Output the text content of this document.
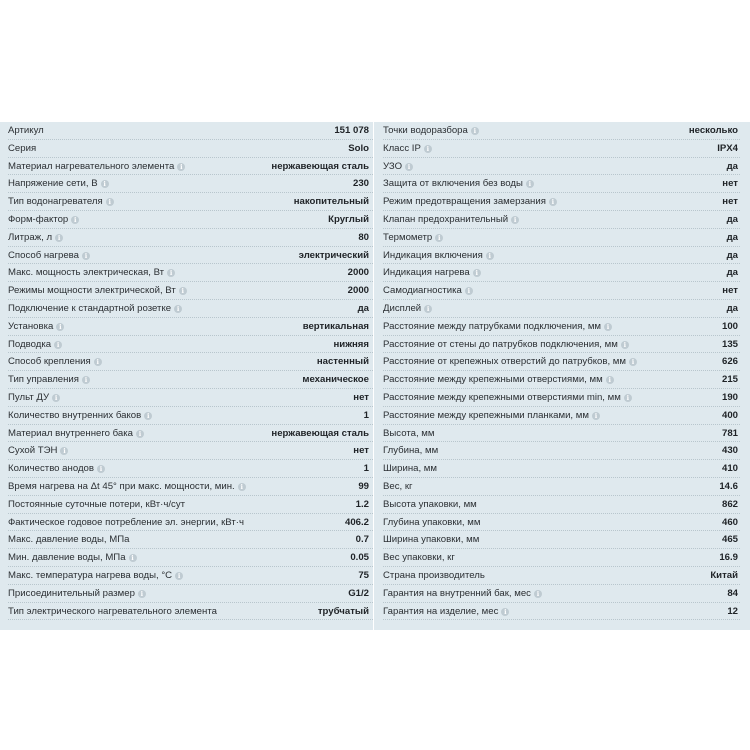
Артикул	151 078
Серия	Solo
Материал нагревательного элемента i	нержавеющая сталь
Напряжение сети, В i	230
Тип водонагревателя i	накопительный
Форм-фактор i	Круглый
Литраж, л i	80
Способ нагрева i	электрический
Макс. мощность электрическая, Вт i	2000
Режимы мощности электрической, Вт i	2000
Подключение к стандартной розетке i	да
Установка i	вертикальная
Подводка i	нижняя
Способ крепления i	настенный
Тип управления i	механическое
Пульт ДУ i	нет
Количество внутренних баков i	1
Материал внутреннего бака i	нержавеющая сталь
Сухой ТЭН i	нет
Количество анодов i	1
Время нагрева на Δt 45° при макс. мощности, мин. i	99
Постоянные суточные потери, кВт·ч/сут	1.2
Фактическое годовое потребление эл. энергии, кВт·ч	406.2
Макс. давление воды, МПа	0.7
Мин. давление воды, МПа i	0.05
Макс. температура нагрева воды, °С i	75
Присоединительный размер i	G1/2
Тип электрического нагревательного элемента	трубчатый
Точки водоразбора i	несколько
Класс IP i	IPX4
УЗО i	да
Защита от включения без воды i	нет
Режим предотвращения замерзания i	нет
Клапан предохранительный i	да
Термометр i	да
Индикация включения i	да
Индикация нагрева i	да
Самодиагностика i	нет
Дисплей i	да
Расстояние между патрубками подключения, мм i	100
Расстояние от стены до патрубков подключения, мм i	135
Расстояние от крепежных отверстий до патрубков, мм i	626
Расстояние между крепежными отверстиями, мм i	215
Расстояние между крепежными отверстиями min, мм i	190
Расстояние между крепежными планками, мм i	400
Высота, мм	781
Глубина, мм	430
Ширина, мм	410
Вес, кг	14.6
Высота упаковки, мм	862
Глубина упаковки, мм	460
Ширина упаковки, мм	465
Вес упаковки, кг	16.9
Страна производитель	Китай
Гарантия на внутренний бак, мес i	84
Гарантия на изделие, мес i	12
